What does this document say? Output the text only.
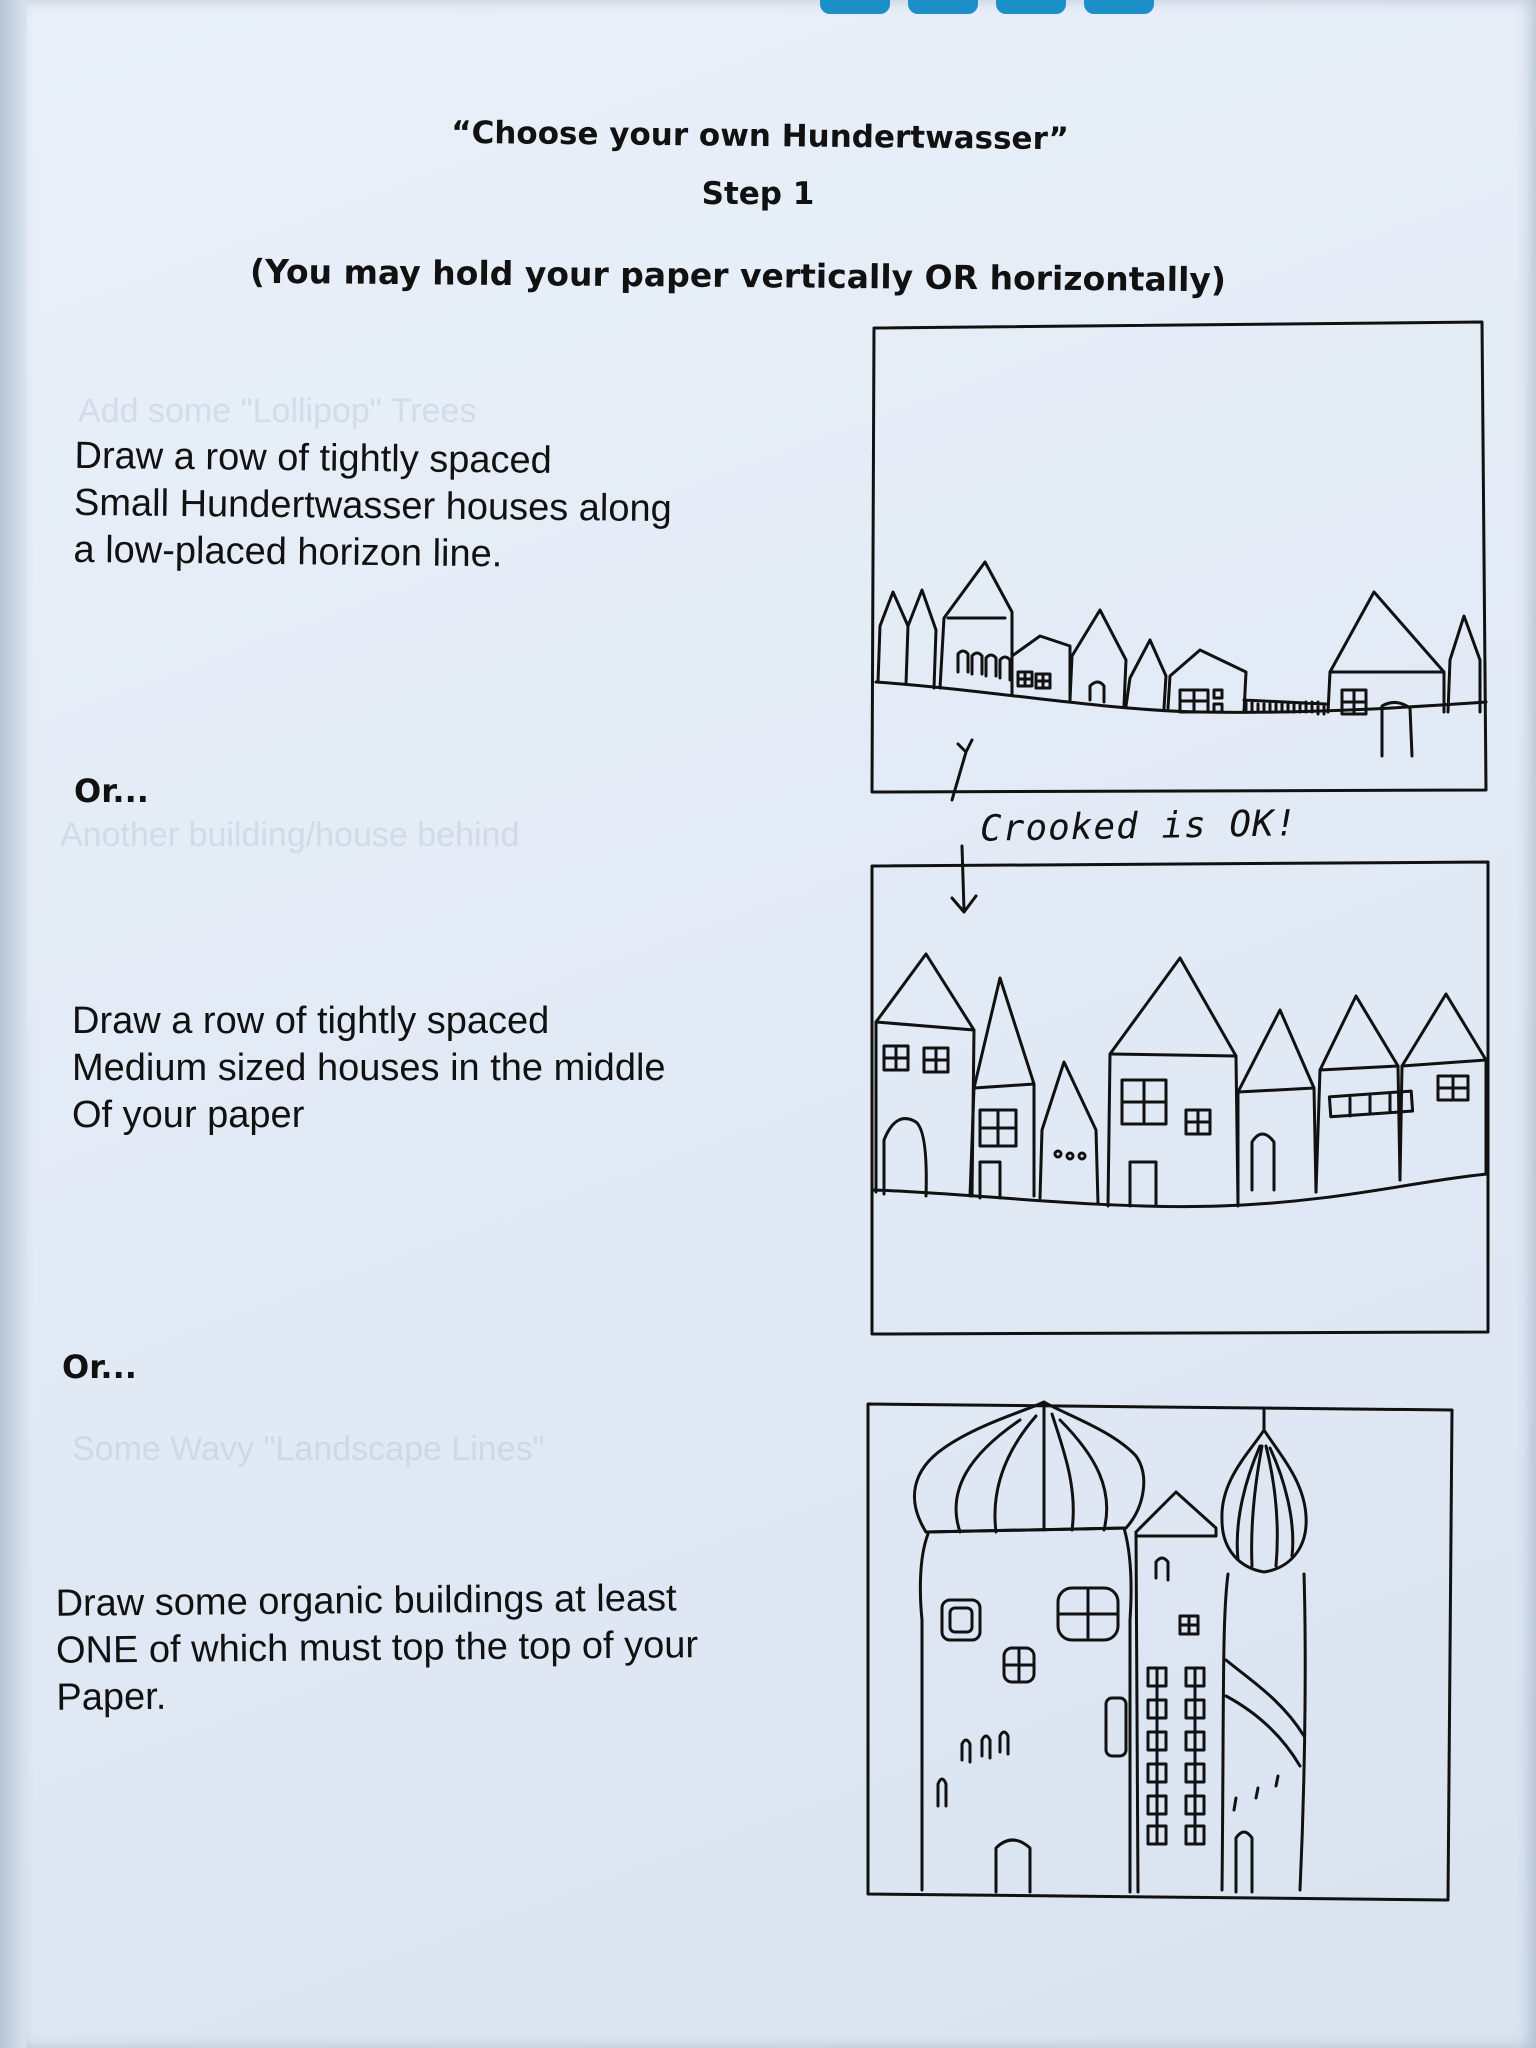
Add some "Lollipop" Trees
Another building/house behind
Some Wavy "Landscape Lines"
“Choose your own Hundertwasser”
Step 1
(You may hold your paper vertically OR horizontally)
Draw a row of tightly spaced
Small Hundertwasser houses along
a low-placed horizon line.
Or...
Draw a row of tightly spaced
Medium sized houses in the middle
Of your paper
Or...
Draw some organic buildings at least
ONE of which must top the top of your
Paper.
Crooked is OK!
